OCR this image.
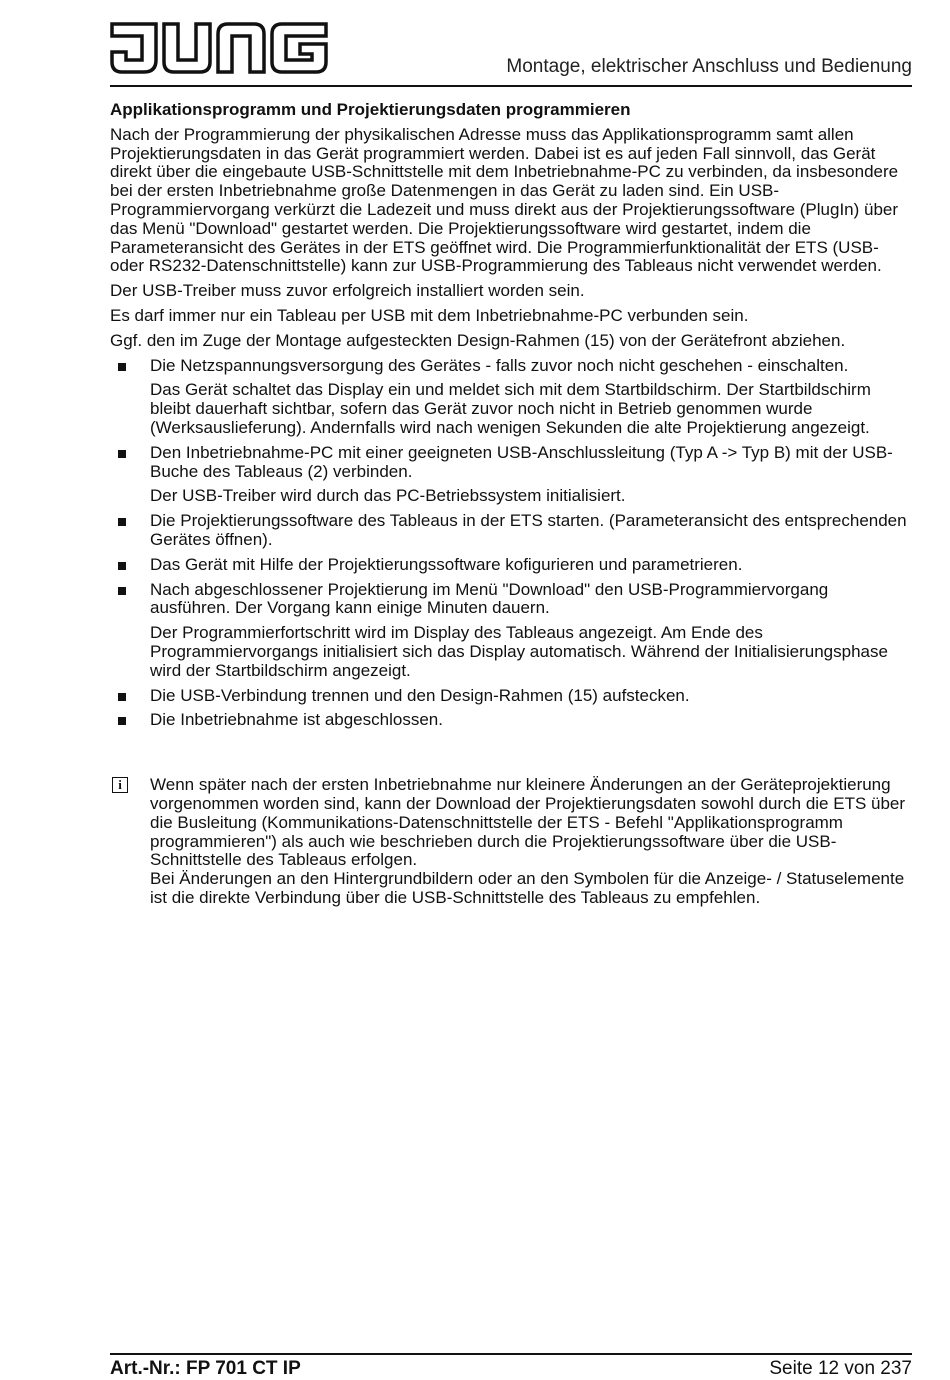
Montage, elektrischer Anschluss und Bedienung
Applikationsprogramm und Projektierungsdaten programmieren

Nach der Programmierung der physikalischen Adresse muss das Applikationsprogramm samt allen Projektierungsdaten in das Gerät programmiert werden. Dabei ist es auf jeden Fall sinnvoll, das Gerät direkt über die eingebaute USB-Schnittstelle mit dem Inbetriebnahme-PC zu verbinden, da insbesondere bei der ersten Inbetriebnahme große Datenmengen in das Gerät zu laden sind. Ein USB-Programmiervorgang verkürzt die Ladezeit und muss direkt aus der Projektierungssoftware (PlugIn) über das Menü "Download" gestartet werden. Die Projektierungssoftware wird gestartet, indem die Parameteransicht des Gerätes in der ETS geöffnet wird. Die Programmierfunktionalität der ETS (USB- oder RS232-Datenschnittstelle) kann zur USB-Programmierung des Tableaus nicht verwendet werden.

Der USB-Treiber muss zuvor erfolgreich installiert worden sein.

Es darf immer nur ein Tableau per USB mit dem Inbetriebnahme-PC verbunden sein.

Ggf. den im Zuge der Montage aufgesteckten Design-Rahmen (15) von der Gerätefront abziehen.

Die Netzspannungsversorgung des Gerätes - falls zuvor noch nicht geschehen - einschalten.
Das Gerät schaltet das Display ein und meldet sich mit dem Startbildschirm. Der Startbildschirm bleibt dauerhaft sichtbar, sofern das Gerät zuvor noch nicht in Betrieb genommen wurde (Werksauslieferung). Andernfalls wird nach wenigen Sekunden die alte Projektierung angezeigt.
Den Inbetriebnahme-PC mit einer geeigneten USB-Anschlussleitung (Typ A -> Typ B) mit der USB-Buche des Tableaus (2) verbinden.
Der USB-Treiber wird durch das PC-Betriebssystem initialisiert.
Die Projektierungssoftware des Tableaus in der ETS starten. (Parameteransicht des entsprechenden Gerätes öffnen).
Das Gerät mit Hilfe der Projektierungssoftware kofigurieren und parametrieren.
Nach abgeschlossener Projektierung im Menü "Download" den USB-Programmiervorgang ausführen. Der Vorgang kann einige Minuten dauern.
Der Programmierfortschritt wird im Display des Tableaus angezeigt. Am Ende des Programmiervorgangs initialisiert sich das Display automatisch. Während der Initialisierungsphase wird der Startbildschirm angezeigt.
Die USB-Verbindung trennen und den Design-Rahmen (15) aufstecken.
Die Inbetriebnahme ist abgeschlossen.
i	Wenn später nach der ersten Inbetriebnahme nur kleinere Änderungen an der Geräteprojektierung vorgenommen worden sind, kann der Download der Projektierungsdaten sowohl durch die ETS über die Busleitung (Kommunikations-Datenschnittstelle der ETS - Befehl "Applikationsprogramm programmieren") als auch wie beschrieben durch die Projektierungssoftware über die USB-Schnittstelle des Tableaus erfolgen.

Bei Änderungen an den Hintergrundbildern oder an den Symbolen für die Anzeige- / Statuselemente ist die direkte Verbindung über die USB-Schnittstelle des Tableaus zu empfehlen.

Art.-Nr.: FP 701 CT IP	Seite 12 von 237
